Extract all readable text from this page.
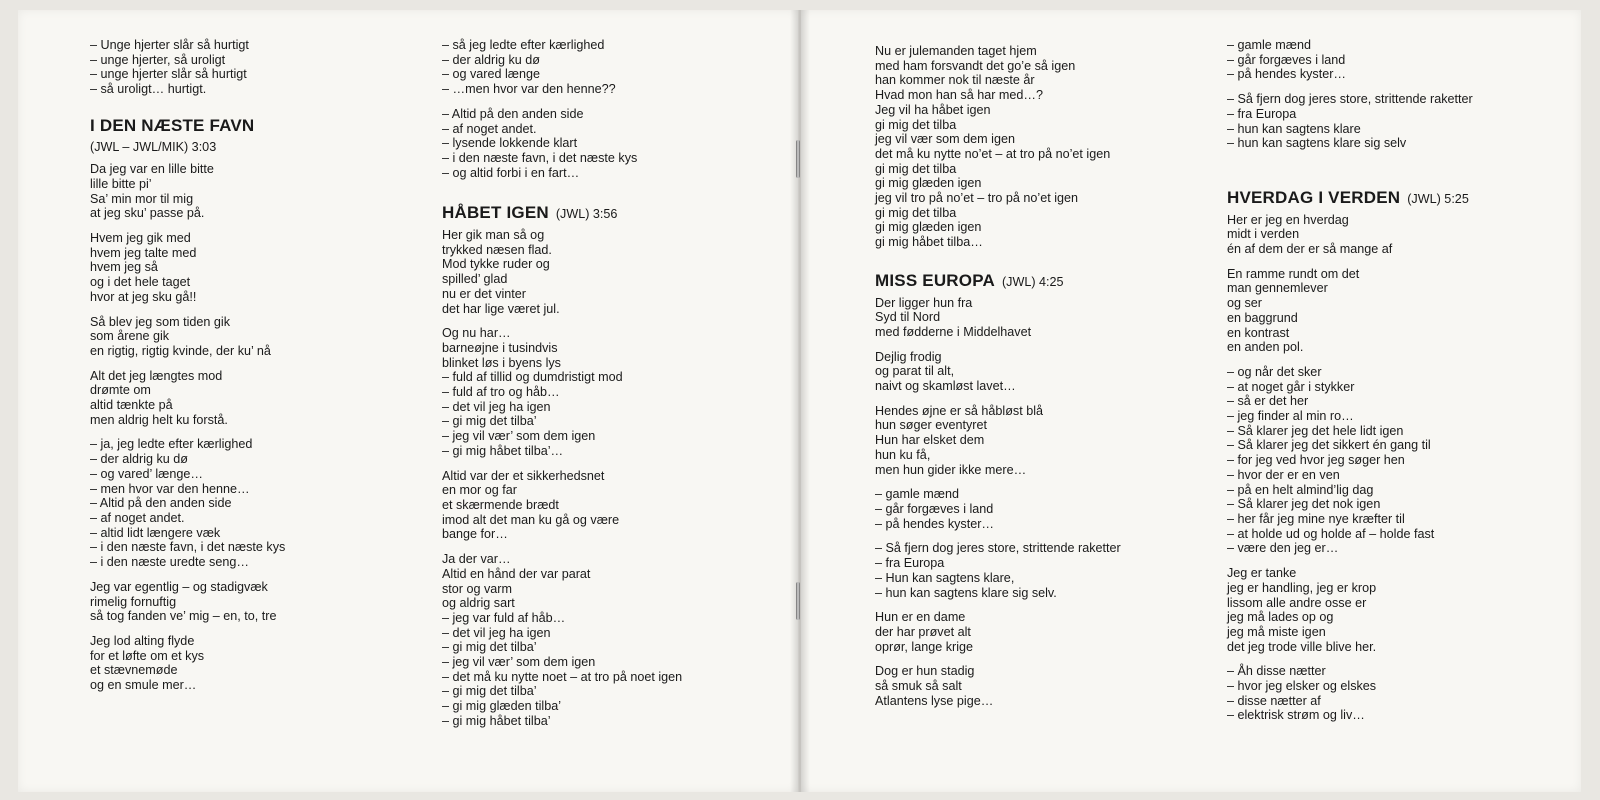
– Unge hjerter slår så hurtigt
– unge hjerter, så uroligt
– unge hjerter slår så hurtigt
– så uroligt… hurtigt.
I DEN NÆSTE FAVN
(JWL – JWL/MIK) 3:03
Da jeg var en lille bitte
lille bitte pi’
Sa’ min mor til mig
at jeg sku’ passe på.
Hvem jeg gik med
hvem jeg talte med
hvem jeg så
og i det hele taget
hvor at jeg sku gå!!
Så blev jeg som tiden gik
som årene gik
en rigtig, rigtig kvinde, der ku’ nå
Alt det jeg længtes mod
drømte om
altid tænkte på
men aldrig helt ku forstå.
– ja, jeg ledte efter kærlighed
– der aldrig ku dø
– og vared’ længe…
– men hvor var den henne…
– Altid på den anden side
– af noget andet.
– altid lidt længere væk
– i den næste favn, i det næste kys
– i den næste uredte seng…
Jeg var egentlig – og stadigvæk
rimelig fornuftig
så tog fanden ve’ mig – en, to, tre
Jeg lod alting flyde
for et løfte om et kys
et stævnemøde
og en smule mer…
– så jeg ledte efter kærlighed
– der aldrig ku dø
– og vared længe
– …men hvor var den henne??
– Altid på den anden side
– af noget andet.
– lysende lokkende klart
– i den næste favn, i det næste kys
– og altid forbi i en fart…
HÅBET IGEN (JWL) 3:56
Her gik man så og
trykked næsen flad.
Mod tykke ruder og
spilled’ glad
nu er det vinter
det har lige været jul.
Og nu har…
barneøjne i tusindvis
blinket løs i byens lys
– fuld af tillid og dumdristigt mod
– fuld af tro og håb…
– det vil jeg ha igen
– gi mig det tilba’
– jeg vil vær’ som dem igen
– gi mig håbet tilba’…
Altid var der et sikkerhedsnet
en mor og far
et skærmende brædt
imod alt det man ku gå og være
bange for…
Ja der var…
Altid en hånd der var parat
stor og varm
og aldrig sart
– jeg var fuld af håb…
– det vil jeg ha igen
– gi mig det tilba’
– jeg vil vær’ som dem igen
– det må ku nytte noet – at tro på noet igen
– gi mig det tilba’
– gi mig glæden tilba’
– gi mig håbet tilba’
Nu er julemanden taget hjem
med ham forsvandt det go’e så igen
han kommer nok til næste år
Hvad mon han så har med…?
Jeg vil ha håbet igen
gi mig det tilba
jeg vil vær som dem igen
det må ku nytte no’et – at tro på no’et igen
gi mig det tilba
gi mig glæden igen
jeg vil tro på no’et – tro på no’et igen
gi mig det tilba
gi mig glæden igen
gi mig håbet tilba…
MISS EUROPA (JWL) 4:25
Der ligger hun fra
Syd til Nord
med fødderne i Middelhavet
Dejlig frodig
og parat til alt,
naivt og skamløst lavet…
Hendes øjne er så håbløst blå
hun søger eventyret
Hun har elsket dem
hun ku få,
men hun gider ikke mere…
– gamle mænd
– går forgæves i land
– på hendes kyster…
– Så fjern dog jeres store, strittende raketter
– fra Europa
– Hun kan sagtens klare,
– hun kan sagtens klare sig selv.
Hun er en dame
der har prøvet alt
oprør, lange krige
Dog er hun stadig
så smuk så salt
Atlantens lyse pige…
– gamle mænd
– går forgæves i land
– på hendes kyster…
– Så fjern dog jeres store, strittende raketter
– fra Europa
– hun kan sagtens klare
– hun kan sagtens klare sig selv
HVERDAG I VERDEN (JWL) 5:25
Her er jeg en hverdag
midt i verden
én af dem der er så mange af
En ramme rundt om det
man gennemlever
og ser
en baggrund
en kontrast
en anden pol.
– og når det sker
– at noget går i stykker
– så er det her
– jeg finder al min ro…
– Så klarer jeg det hele lidt igen
– Så klarer jeg det sikkert én gang til
– for jeg ved hvor jeg søger hen
– hvor der er en ven
– på en helt almind’lig dag
– Så klarer jeg det nok igen
– her får jeg mine nye kræfter til
– at holde ud og holde af – holde fast
– være den jeg er…
Jeg er tanke
jeg er handling, jeg er krop
lissom alle andre osse er
jeg må lades op og
jeg må miste igen
det jeg trode ville blive her.
– Åh disse nætter
– hvor jeg elsker og elskes
– disse nætter af
– elektrisk strøm og liv…
